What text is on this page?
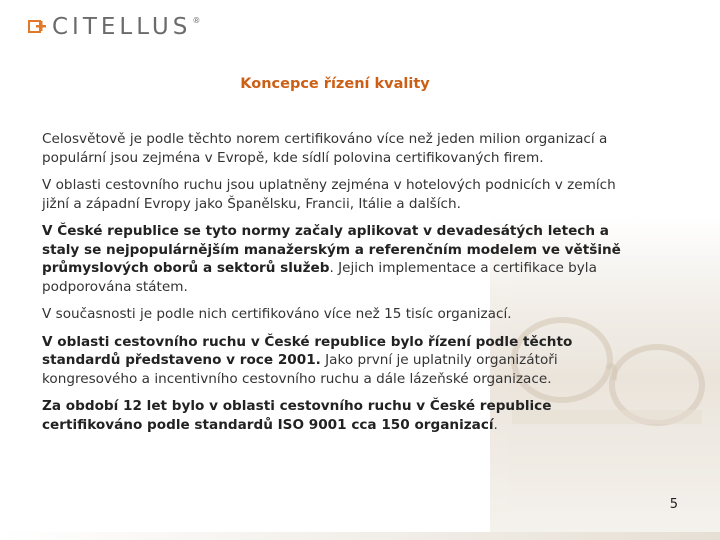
CITELLUS ®
Koncepce řízení kvality

Celosvětově je podle těchto norem certifikováno více než jeden milion organizací a populární jsou zejména v Evropě, kde sídlí polovina certifikovaných firem.

V oblasti cestovního ruchu jsou uplatněny zejména v hotelových podnicích v zemích jižní a západní Evropy jako Španělsku, Francii, Itálie a dalších.

V České republice se tyto normy začaly aplikovat v devadesátých letech a staly se nejpopulárnějším manažerským a referenčním modelem ve většině průmyslových oborů a sektorů služeb. Jejich implementace a certifikace byla podporována státem.

V současnosti je podle nich certifikováno více než 15 tisíc organizací.

V oblasti cestovního ruchu v České republice bylo řízení podle těchto standardů představeno v roce 2001. Jako první je uplatnily organizátoři kongresového a incentivního cestovního ruchu a dále lázeňské organizace.

Za období 12 let bylo v oblasti cestovního ruchu v České republice certifikováno podle standardů ISO 9001 cca 150 organizací.

5
